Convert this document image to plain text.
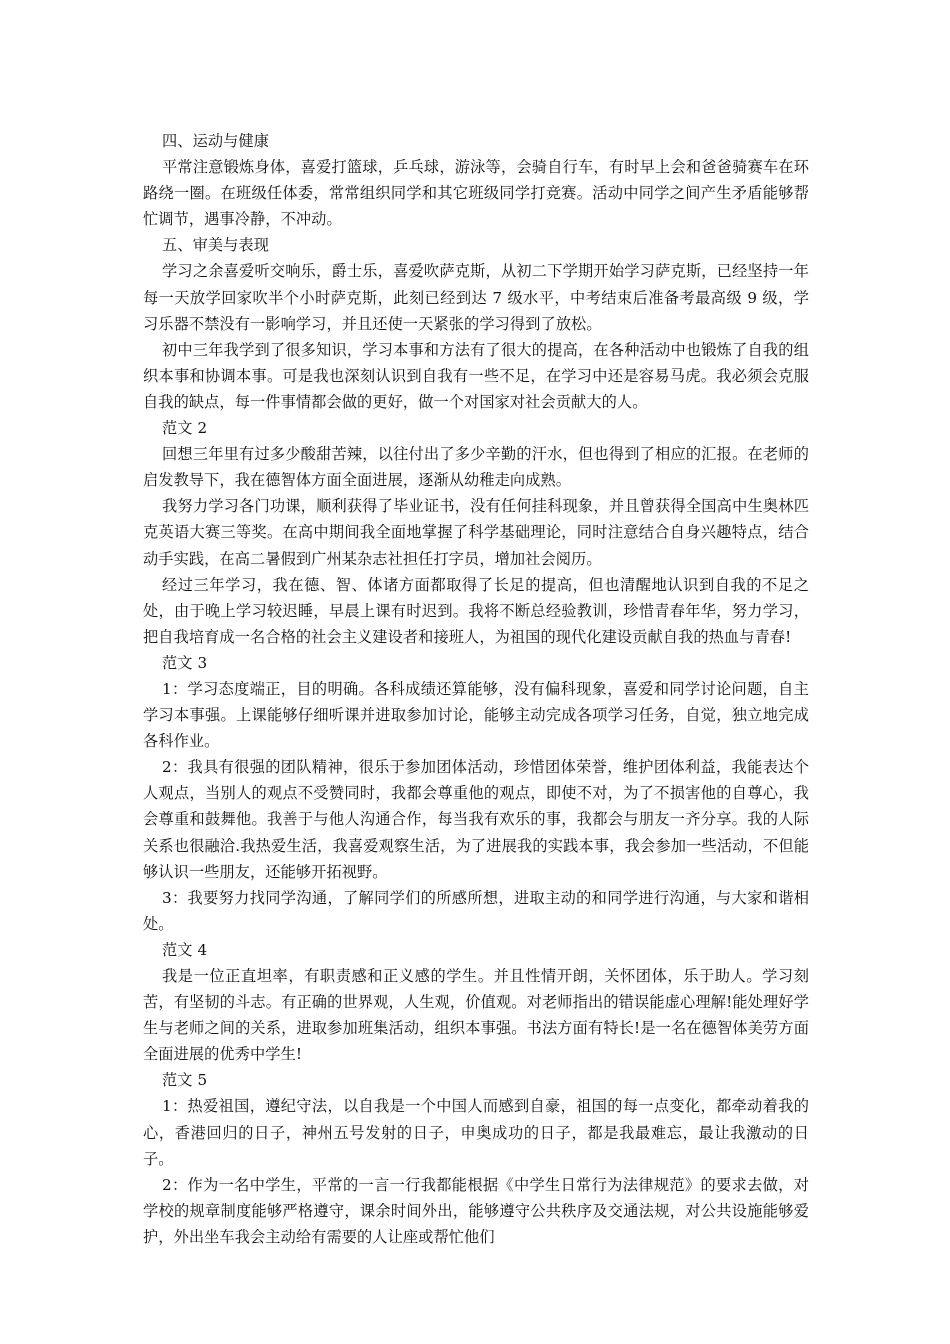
四、运动与健康

平常注意锻炼身体，喜爱打篮球，乒乓球，游泳等，会骑自行车，有时早上会和爸爸骑赛车在环路绕一圈。在班级任体委，常常组织同学和其它班级同学打竞赛。活动中同学之间产生矛盾能够帮忙调节，遇事冷静，不冲动。

五、审美与表现

学习之余喜爱听交响乐，爵士乐，喜爱吹萨克斯，从初二下学期开始学习萨克斯，已经坚持一年每一天放学回家吹半个小时萨克斯，此刻已经到达 7 级水平，中考结束后准备考最高级 9 级，学习乐器不禁没有一影响学习，并且还使一天紧张的学习得到了放松。

初中三年我学到了很多知识，学习本事和方法有了很大的提高，在各种活动中也锻炼了自我的组织本事和协调本事。可是我也深刻认识到自我有一些不足，在学习中还是容易马虎。我必须会克服自我的缺点，每一件事情都会做的更好，做一个对国家对社会贡献大的人。

范文 2

回想三年里有过多少酸甜苦辣，以往付出了多少辛勤的汗水，但也得到了相应的汇报。在老师的启发教导下，我在德智体方面全面进展，逐渐从幼稚走向成熟。

我努力学习各门功课，顺利获得了毕业证书，没有任何挂科现象，并且曾获得全国高中生奥林匹克英语大赛三等奖。在高中期间我全面地掌握了科学基础理论，同时注意结合自身兴趣特点，结合动手实践，在高二暑假到广州某杂志社担任打字员，增加社会阅历。

经过三年学习，我在德、智、体诸方面都取得了长足的提高，但也清醒地认识到自我的不足之处，由于晚上学习较迟睡，早晨上课有时迟到。我将不断总经验教训，珍惜青春年华，努力学习，把自我培育成一名合格的社会主义建设者和接班人，为祖国的现代化建设贡献自我的热血与青春!

范文 3

1：学习态度端正，目的明确。各科成绩还算能够，没有偏科现象，喜爱和同学讨论问题，自主学习本事强。上课能够仔细听课并进取参加讨论，能够主动完成各项学习任务，自觉，独立地完成各科作业。

2：我具有很强的团队精神，很乐于参加团体活动，珍惜团体荣誉，维护团体利益，我能表达个人观点，当别人的观点不受赞同时，我都会尊重他的观点，即使不对，为了不损害他的自尊心，我会尊重和鼓舞他。我善于与他人沟通合作，每当我有欢乐的事，我都会与朋友一齐分享。我的人际关系也很融洽.我热爱生活，我喜爱观察生活，为了进展我的实践本事，我会参加一些活动，不但能够认识一些朋友，还能够开拓视野。

3：我要努力找同学沟通，了解同学们的所感所想，进取主动的和同学进行沟通，与大家和谐相处。

范文 4

我是一位正直坦率，有职责感和正义感的学生。并且性情开朗，关怀团体，乐于助人。学习刻苦，有坚韧的斗志。有正确的世界观，人生观，价值观。对老师指出的错误能虚心理解!能处理好学生与老师之间的关系，进取参加班集活动，组织本事强。书法方面有特长!是一名在德智体美劳方面全面进展的优秀中学生!

范文 5

1：热爱祖国，遵纪守法，以自我是一个中国人而感到自豪，祖国的每一点变化，都牵动着我的心，香港回归的日子，神州五号发射的日子，申奥成功的日子，都是我最难忘，最让我激动的日子。

2：作为一名中学生，平常的一言一行我都能根据《中学生日常行为法律规范》的要求去做，对学校的规章制度能够严格遵守，课余时间外出，能够遵守公共秩序及交通法规，对公共设施能够爱护，外出坐车我会主动给有需要的人让座或帮忙他们
